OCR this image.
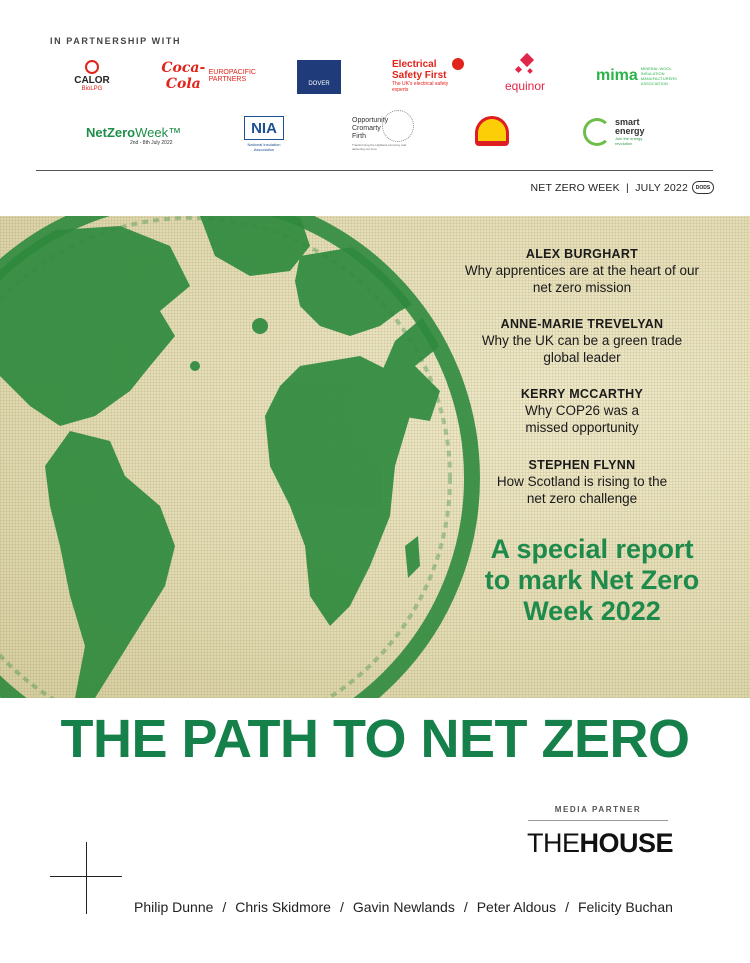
IN PARTNERSHIP WITH
CALOR
BioLPG
Coca-Cola
EUROPACIFIC PARTNERS
DOVER
Electrical Safety First
The UK's electrical safety experts	equinor
mima MINERAL WOOL INSULATION MANUFACTURERS ASSOCIATION
NetZeroWeek™
2nd - 8th July 2022
NIA
National Insulation Association
Opportunity Cromarty Firth
Transforming the Highland economy and delivering net zero
smart energy
Join the energy revolution
NET ZERO WEEK  |  JULY 2022	DODS
ALEX BURGHART
Why apprentices are at the heart of our net zero mission
ANNE-MARIE TREVELYAN
Why the UK can be a green trade global leader
KERRY MCCARTHY
Why COP26 was a missed opportunity
STEPHEN FLYNN
How Scotland is rising to the net zero challenge
A special report to mark Net Zero Week 2022
THE PATH TO NET ZERO
MEDIA PARTNER
THEHOUSE
Philip Dunne / Chris Skidmore / Gavin Newlands / Peter Aldous / Felicity Buchan
